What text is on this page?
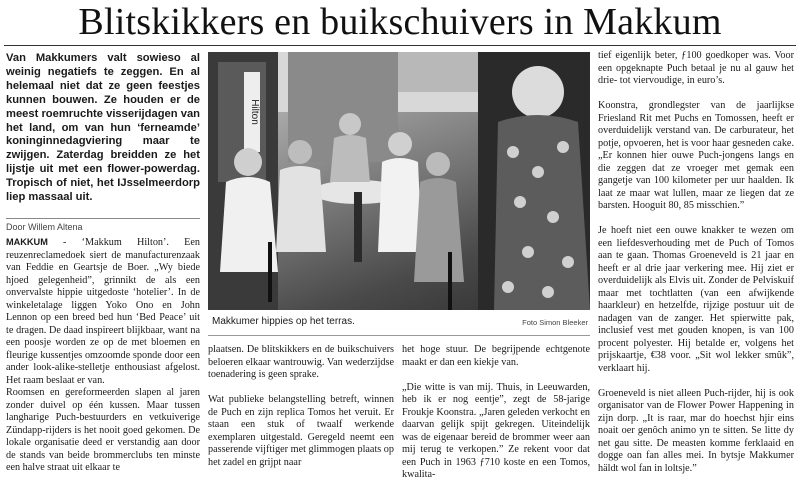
Blitskikkers en buikschuivers in Makkum
Van Makkumers valt sowieso al weinig negatiefs te zeggen. En al helemaal niet dat ze geen feestjes kunnen bouwen. Ze houden er de meest roemruchte visserijdagen van het land, om van hun ‘ferneamde’ koninginnedagviering maar te zwijgen. Zaterdag breidden ze het lijstje uit met een flower-powerdag. Tropisch of niet, het IJsselmeerdorp liep massaal uit.
Door Willem Altena

MAKKUM - ‘Makkum Hilton’. Een reuzenreclamedoek siert de manufacturenzaak van Feddie en Geartsje de Boer. „Wy biede hjoed gelegenheid”, grinnikt de als een onvervalste hippie uitgedoste ‘hotelier’. In de winkeletalage liggen Yoko Ono en John Lennon op een breed bed hun ‘Bed Peace’ uit te dragen. De daad inspireert blijkbaar, want na een poosje worden ze op de met bloemen en fleurige kussentjes omzoomde sponde door een ander look-alike-stelletje enthousiast afgelost. Het raam beslaat er van.

Roomsen en gereformeerden slapen al jaren zonder duivel op één kussen. Maar tussen langharige Puch-bestuurders en vetkuiverige Zündapp-rijders is het nooit goed gekomen. De lokale organisatie deed er verstandig aan door de stands van beide brommerclubs ten minste een halve straat uit elkaar te

Hilton
Makkumer hippies op het terras.	Foto Simon Bleeker

plaatsen. De blitskikkers en de buikschuivers beloeren elkaar wantrouwig. Van wederzijdse toenadering is geen sprake.

Wat publieke belangstelling betreft, winnen de Puch en zijn replica Tomos het veruit. Er staan een stuk of twaalf werkende exemplaren uitgestald. Geregeld neemt een passerende vijftiger met glimmogen plaats op het zadel en grijpt naar

het hoge stuur. De begrijpende echtgenote maakt er dan een kiekje van.

„Die witte is van mij. Thuis, in Leeuwarden, heb ik er nog eentje”, zegt de 58-jarige Froukje Koonstra. „Jaren geleden verkocht en daarvan gelijk spijt gekregen. Uiteindelijk was de eigenaar bereid de brommer weer aan mij terug te verkopen.” Ze rekent voor dat een Puch in 1963 ƒ710 koste en een Tomos, kwalita-

tief eigenlijk beter, ƒ100 goedkoper was. Voor een opgeknapte Puch betaal je nu al gauw het drie- tot viervoudige, in euro’s.

Koonstra, grondlegster van de jaarlijkse Friesland Rit met Puchs en Tomossen, heeft er overduidelijk verstand van. De carburateur, het potje, opvoeren, het is voor haar gesneden cake. „Er konnen hier ouwe Puch-jongens langs en die zeggen dat ze vroeger met gemak een gangetje van 100 kilometer per uur haalden. Ik laat ze maar wat lullen, maar ze liegen dat ze barsten. Hooguit 80, 85 misschien.”

Je hoeft niet een ouwe knakker te wezen om een liefdesverhouding met de Puch of Tomos aan te gaan. Thomas Groeneveld is 21 jaar en heeft er al drie jaar verkering mee. Hij ziet er overduidelijk als Elvis uit. Zonder de Pelviskuif maar met tochtlatten (van een afwijkende haarkleur) en hetzelfde, rijzige postuur uit de nadagen van de zanger. Het spierwitte pak, inclusief vest met gouden knopen, is van 100 procent polyester. Hij betalde er, volgens het prijskaartje, €38 voor. „Sit wol lekker smûk”, verklaart hij.

Groeneveld is niet alleen Puch-rijder, hij is ook organisator van de Flower Power Happening in zijn dorp. „It is raar, mar do hoechst hjir eins noait oer genôch animo yn te sitten. Se litte dy net gau sitte. De measten komme ferklaaid en dogge oan fan alles mei. In bytsje Makkumer häldt wol fan in loltsje.”
